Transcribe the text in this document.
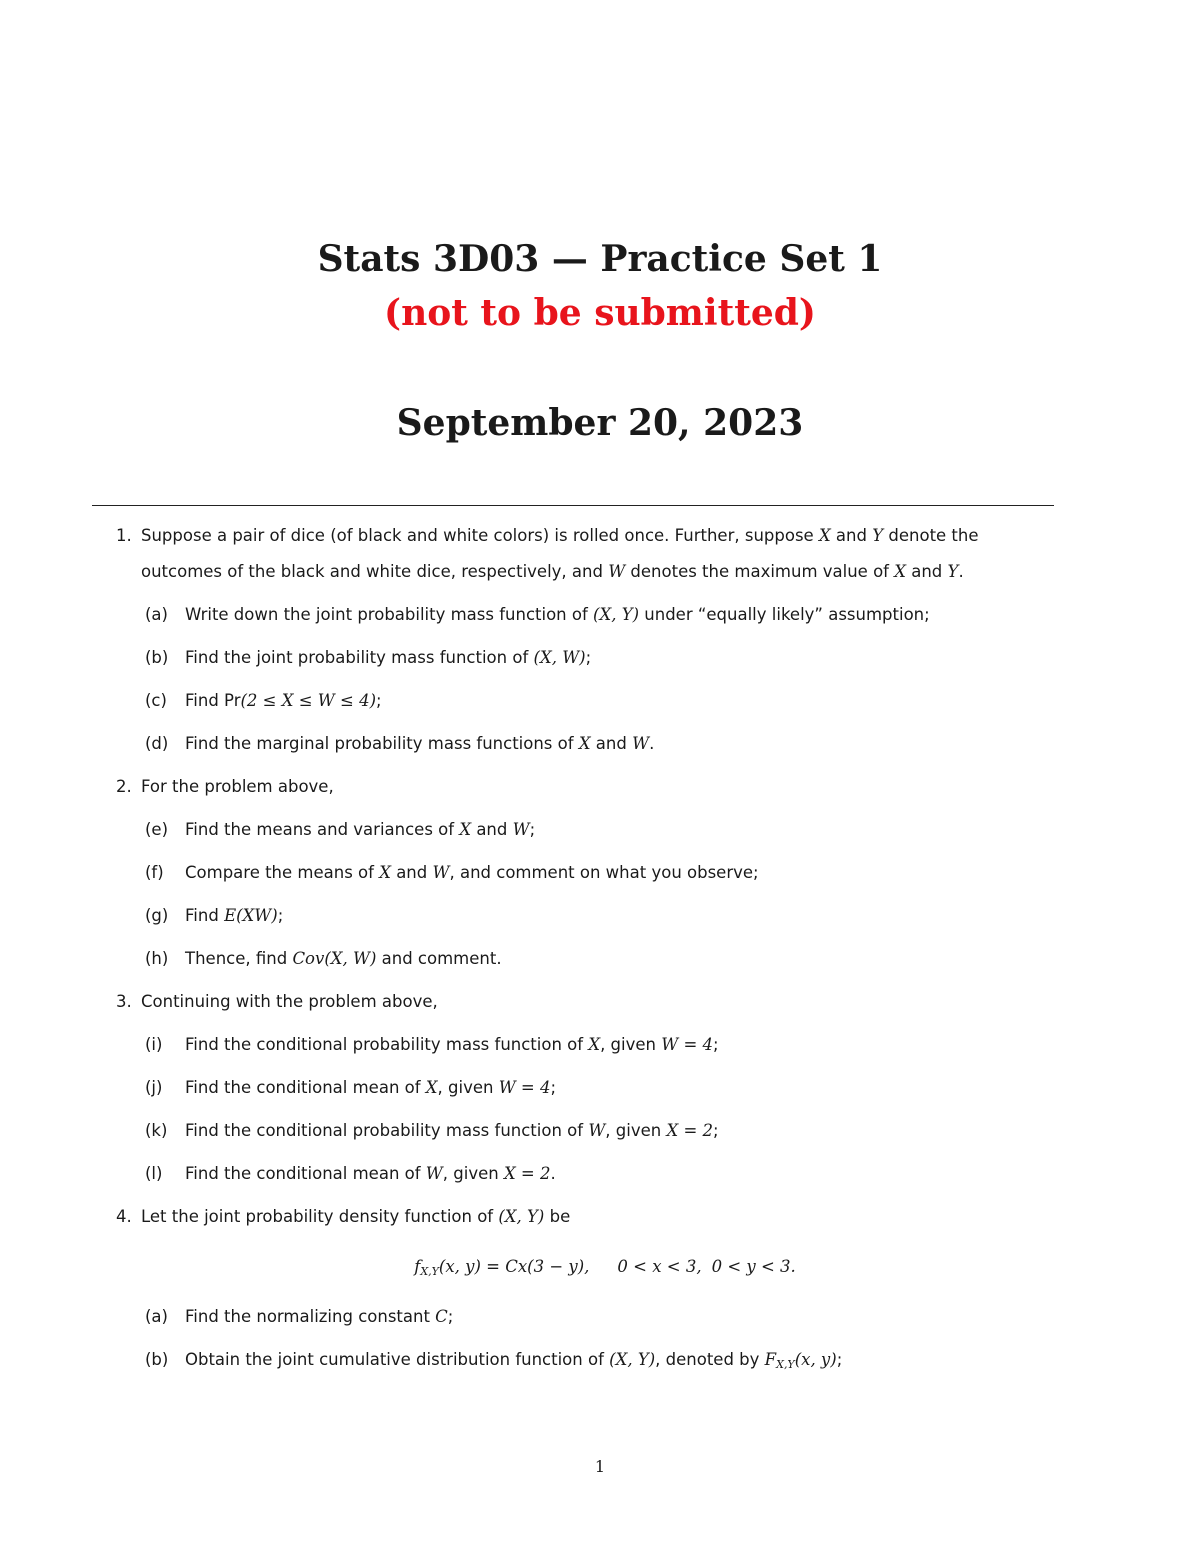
Stats 3D03 — Practice Set 1
(not to be submitted)
September 20, 2023
1. Suppose a pair of dice (of black and white colors) is rolled once. Further, suppose X and Y denote the outcomes of the black and white dice, respectively, and W denotes the maximum value of X and Y.
(a) Write down the joint probability mass function of (X, Y) under “equally likely” assumption;
(b) Find the joint probability mass function of (X, W);
(c) Find Pr(2 ≤ X ≤ W ≤ 4);
(d) Find the marginal probability mass functions of X and W.
2. For the problem above,
(e) Find the means and variances of X and W;
(f) Compare the means of X and W, and comment on what you observe;
(g) Find E(XW);
(h) Thence, find Cov(X, W) and comment.
3. Continuing with the problem above,
(i) Find the conditional probability mass function of X, given W = 4;
(j) Find the conditional mean of X, given W = 4;
(k) Find the conditional probability mass function of W, given X = 2;
(l) Find the conditional mean of W, given X = 2.
4. Let the joint probability density function of (X, Y) be
$f_{X,Y}(x$, y) = Cx(3 − y), 0 < x < 3, 0 < y < 3.
(a) Find the normalizing constant C;
(b) Obtain the joint cumulative distribution function of (X, Y), denoted by $F_{X,Y}(x$, y);
1
